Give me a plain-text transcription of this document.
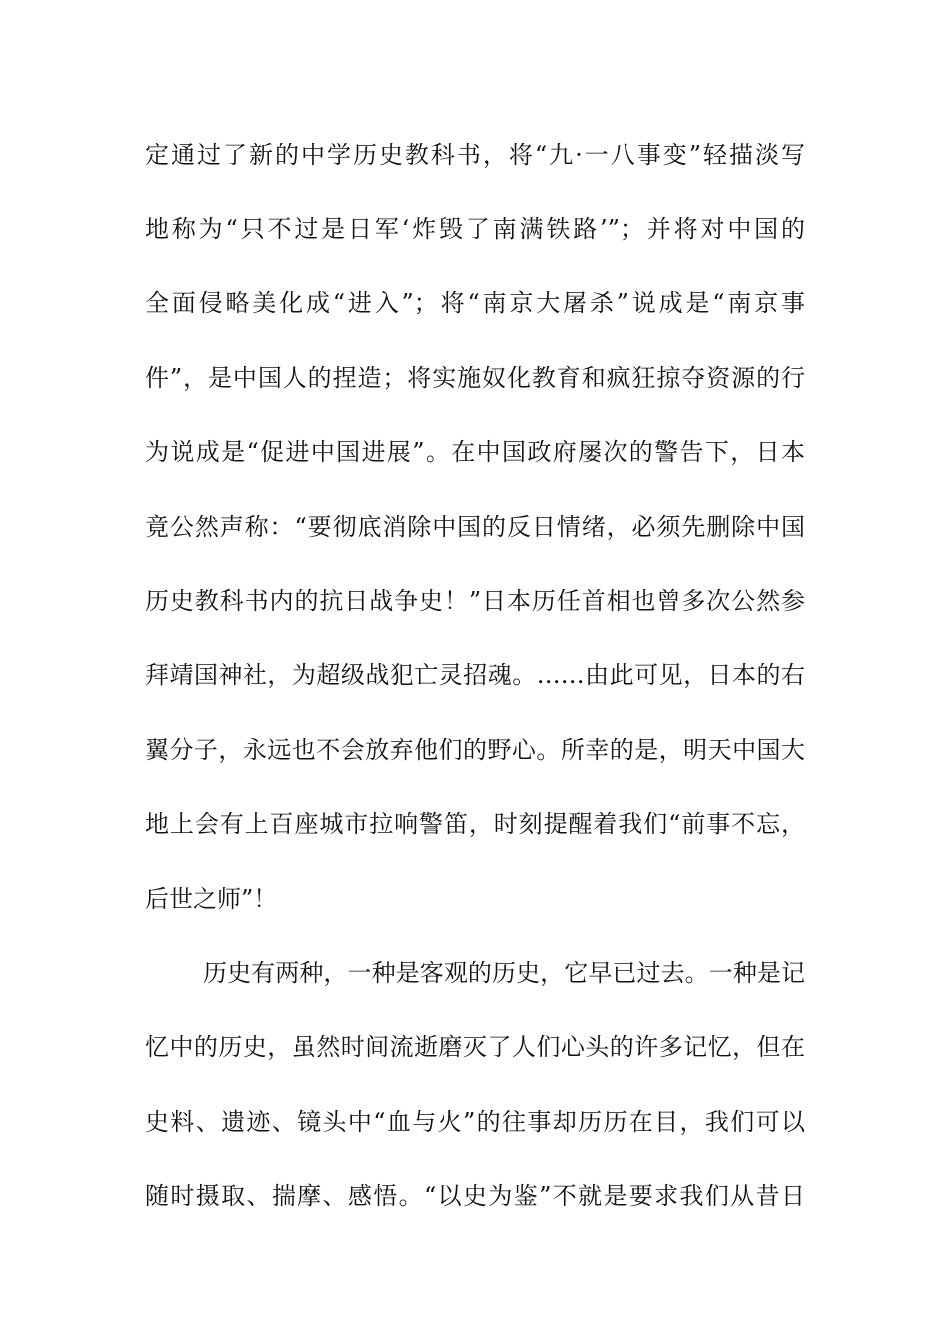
定通过了新的中学历史教科书，将“九·一八事变”轻描淡写
地称为“只不过是日军‘炸毁了南满铁路’”；并将对中国的
全面侵略美化成“进入”；将“南京大屠杀”说成是“南京事
件”，是中国人的捏造；将实施奴化教育和疯狂掠夺资源的行
为说成是“促进中国进展”。在中国政府屡次的警告下，日本
竟公然声称：“要彻底消除中国的反日情绪，必须先删除中国
历史教科书内的抗日战争史！”日本历任首相也曾多次公然参
拜靖国神社，为超级战犯亡灵招魂。……由此可见，日本的右
翼分子，永远也不会放弃他们的野心。所幸的是，明天中国大
地上会有上百座城市拉响警笛，时刻提醒着我们“前事不忘，
后世之师”！
历史有两种，一种是客观的历史，它早已过去。一种是记
忆中的历史，虽然时间流逝磨灭了人们心头的许多记忆，但在
史料、遗迹、镜头中“血与火”的往事却历历在目，我们可以
随时摄取、揣摩、感悟。“以史为鉴”不就是要求我们从昔日
